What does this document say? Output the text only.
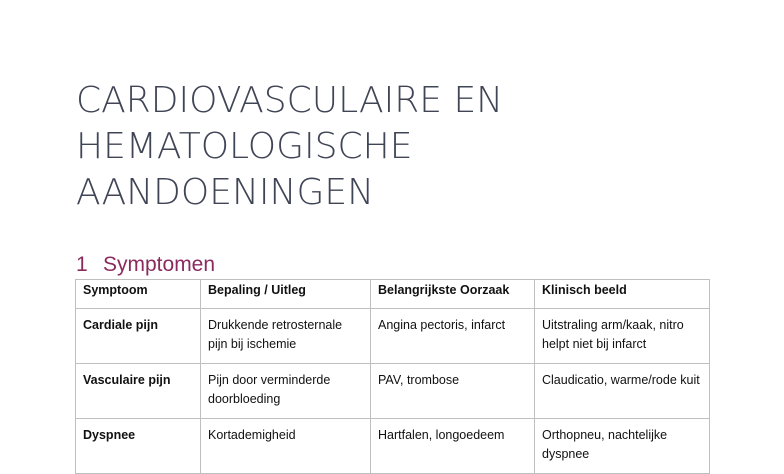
CARDIOVASCULAIRE EN
HEMATOLOGISCHE
AANDOENINGEN
1 Symptomen
Symptoom	Bepaling / Uitleg	Belangrijkste Oorzaak	Klinisch beeld
Cardiale pijn	Drukkende retrosternale pijn bij ischemie	Angina pectoris, infarct	Uitstraling arm/kaak, nitro helpt niet bij infarct
Vasculaire pijn	Pijn door verminderde doorbloeding	PAV, trombose	Claudicatio, warme/rode kuit
Dyspnee	Kortademigheid	Hartfalen, longoedeem	Orthopneu, nachtelijke dyspnee
